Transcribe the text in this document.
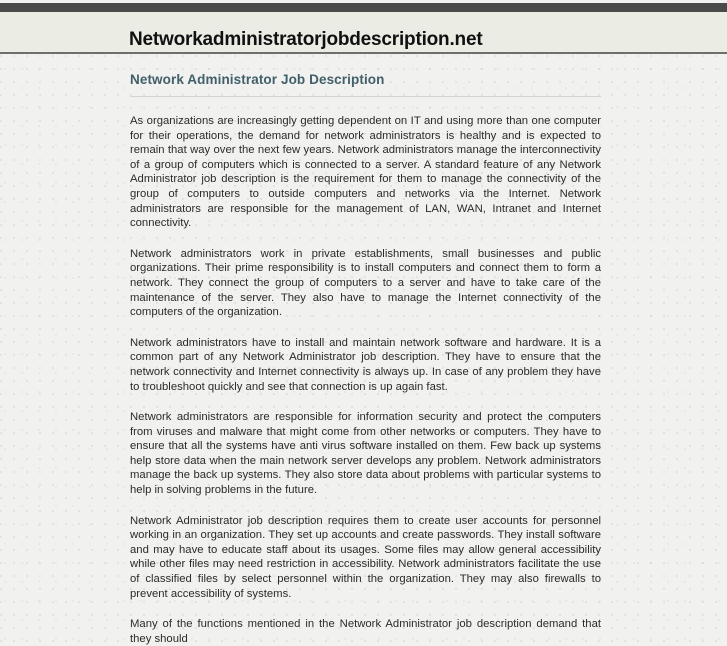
Networkadministratorjobdescription.net
Network Administrator Job Description

As organizations are increasingly getting dependent on IT and using more than one computer for their operations, the demand for network administrators is healthy and is expected to remain that way over the next few years. Network administrators manage the interconnectivity of a group of computers which is connected to a server. A standard feature of any Network Administrator job description is the requirement for them to manage the connectivity of the group of computers to outside computers and networks via the Internet. Network administrators are responsible for the management of LAN, WAN, Intranet and Internet connectivity.

Network administrators work in private establishments, small businesses and public organizations. Their prime responsibility is to install computers and connect them to form a network. They connect the group of computers to a server and have to take care of the maintenance of the server. They also have to manage the Internet connectivity of the computers of the organization.

Network administrators have to install and maintain network software and hardware. It is a common part of any Network Administrator job description. They have to ensure that the network connectivity and Internet connectivity is always up. In case of any problem they have to troubleshoot quickly and see that connection is up again fast.

Network administrators are responsible for information security and protect the computers from viruses and malware that might come from other networks or computers. They have to ensure that all the systems have anti virus software installed on them. Few back up systems help store data when the main network server develops any problem. Network administrators manage the back up systems. They also store data about problems with particular systems to help in solving problems in the future.

Network Administrator job description requires them to create user accounts for personnel working in an organization. They set up accounts and create passwords. They install software and may have to educate staff about its usages. Some files may allow general accessibility while other files may need restriction in accessibility. Network administrators facilitate the use of classified files by select personnel within the organization. They may also firewalls to prevent accessibility of systems.

Many of the functions mentioned in the Network Administrator job description demand that they should
